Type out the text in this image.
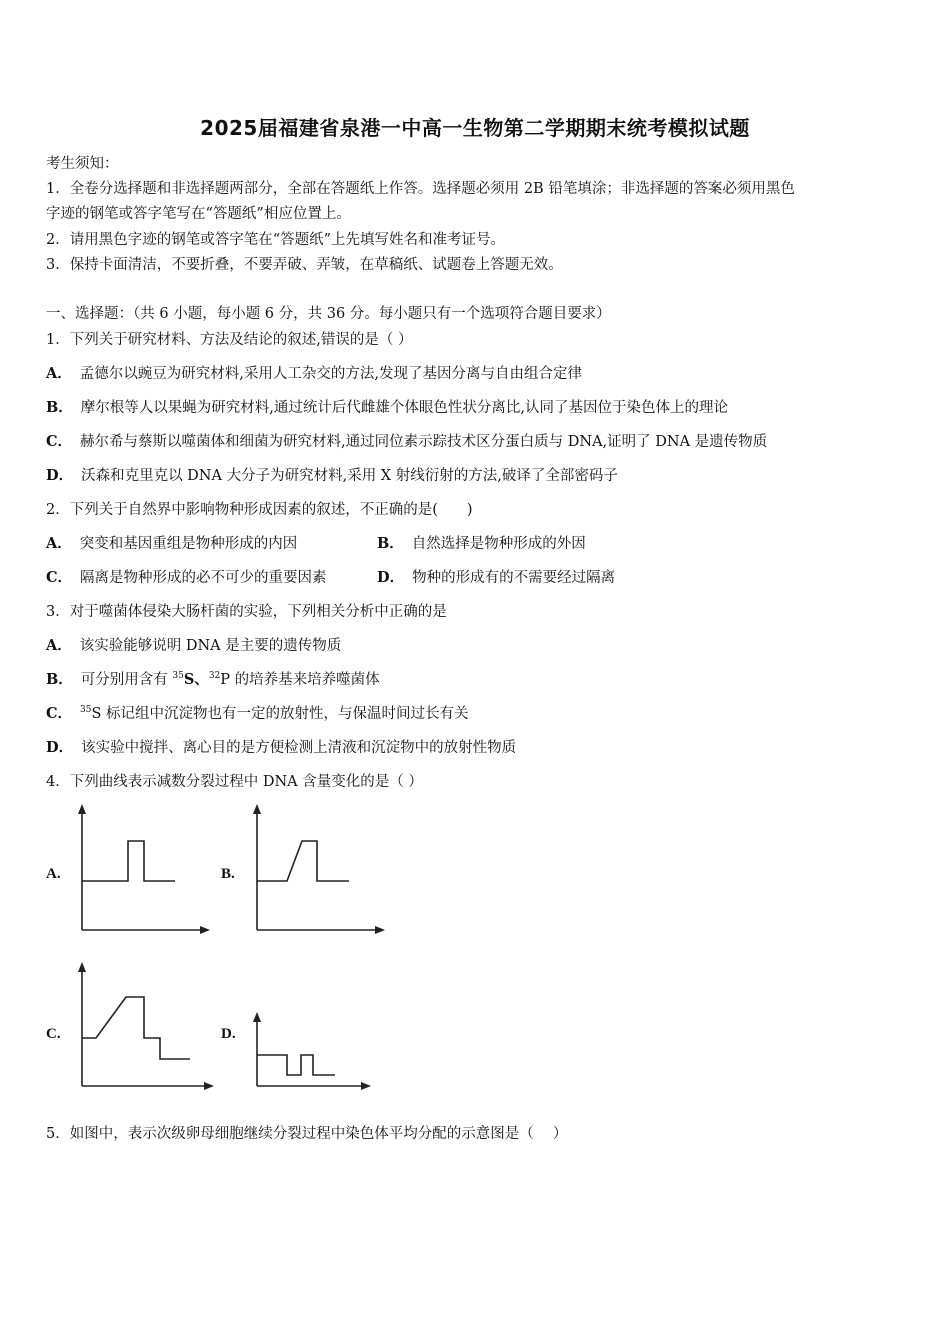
2025届福建省泉港一中高一生物第二学期期末统考模拟试题
考生须知：
1．全卷分选择题和非选择题两部分，全部在答题纸上作答。选择题必须用 2B 铅笔填涂；非选择题的答案必须用黑色
字迹的钢笔或答字笔写在“答题纸”相应位置上。
2．请用黑色字迹的钢笔或答字笔在“答题纸”上先填写姓名和准考证号。
3．保持卡面清洁，不要折叠，不要弄破、弄皱，在草稿纸、试题卷上答题无效。
一、选择题：（共 6 小题，每小题 6 分，共 36 分。每小题只有一个选项符合题目要求）
1．下列关于研究材料、方法及结论的叙述,错误的是（ ）
A． 孟德尔以豌豆为研究材料,采用人工杂交的方法,发现了基因分离与自由组合定律
B． 摩尔根等人以果蝇为研究材料,通过统计后代雌雄个体眼色性状分离比,认同了基因位于染色体上的理论
C． 赫尔希与蔡斯以噬菌体和细菌为研究材料,通过同位素示踪技术区分蛋白质与 DNA,证明了 DNA 是遗传物质
D． 沃森和克里克以 DNA 大分子为研究材料,采用 X 射线衍射的方法,破译了全部密码子
2．下列关于自然界中影响物种形成因素的叙述，不正确的是(　　)
A． 突变和基因重组是物种形成的内因	B． 自然选择是物种形成的外因
C． 隔离是物种形成的必不可少的重要因素	D． 物种的形成有的不需要经过隔离
3．对于噬菌体侵染大肠杆菌的实验，下列相关分析中正确的是
A． 该实验能够说明 DNA 是主要的遗传物质
B． 可分别用含有 $^{35}$S、$^{32}$P 的培养基来培养噬菌体
C． $^{35}$S 标记组中沉淀物也有一定的放射性，与保温时间过长有关
D． 该实验中搅拌、离心目的是方便检测上清液和沉淀物中的放射性物质
4．下列曲线表示减数分裂过程中 DNA 含量变化的是（ ）
A.	B.
C.	D.
5．如图中，表示次级卵母细胞继续分裂过程中染色体平均分配的示意图是（　 ）
